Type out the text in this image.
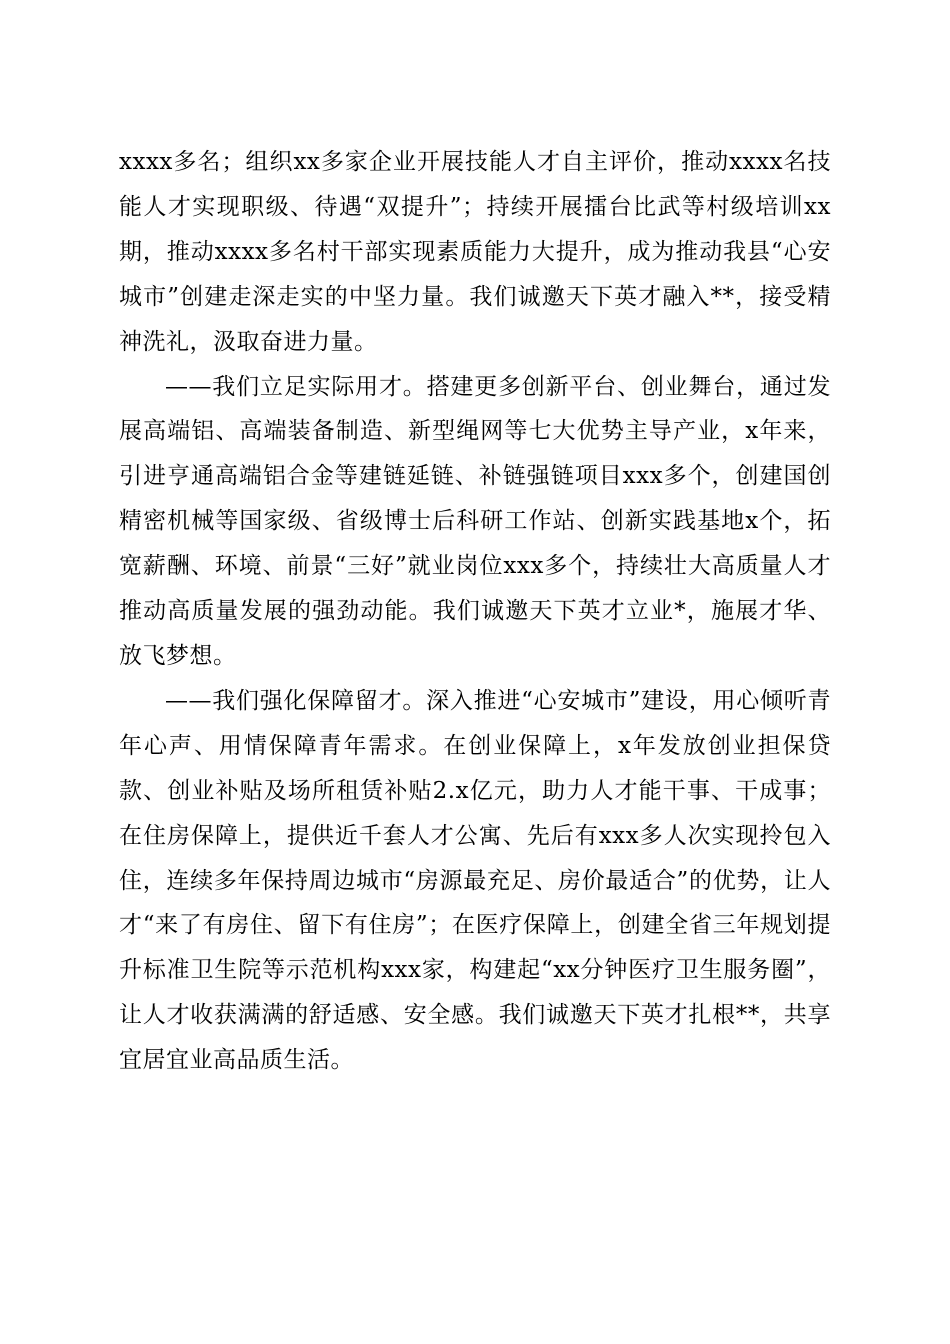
xxxx多名；组织xx多家企业开展技能人才自主评价，推动xxxx名技能人才实现职级、待遇“双提升”；持续开展擂台比武等村级培训xx期，推动xxxx多名村干部实现素质能力大提升，成为推动我县“心安城市”创建走深走实的中坚力量。我们诚邀天下英才融入**，接受精神洗礼，汲取奋进力量。

——我们立足实际用才。搭建更多创新平台、创业舞台，通过发展高端铝、高端装备制造、新型绳网等七大优势主导产业，x年来，引进亨通高端铝合金等建链延链、补链强链项目xxx多个，创建国创精密机械等国家级、省级博士后科研工作站、创新实践基地x个，拓宽薪酬、环境、前景“三好”就业岗位xxx多个，持续壮大高质量人才推动高质量发展的强劲动能。我们诚邀天下英才立业*，施展才华、放飞梦想。

——我们强化保障留才。深入推进“心安城市”建设，用心倾听青年心声、用情保障青年需求。在创业保障上，x年发放创业担保贷款、创业补贴及场所租赁补贴2.x亿元，助力人才能干事、干成事；在住房保障上，提供近千套人才公寓、先后有xxx多人次实现拎包入住，连续多年保持周边城市“房源最充足、房价最适合”的优势，让人才“来了有房住、留下有住房”；在医疗保障上，创建全省三年规划提升标准卫生院等示范机构xxx家，构建起“xx分钟医疗卫生服务圈”，让人才收获满满的舒适感、安全感。我们诚邀天下英才扎根**，共享宜居宜业高品质生活。
